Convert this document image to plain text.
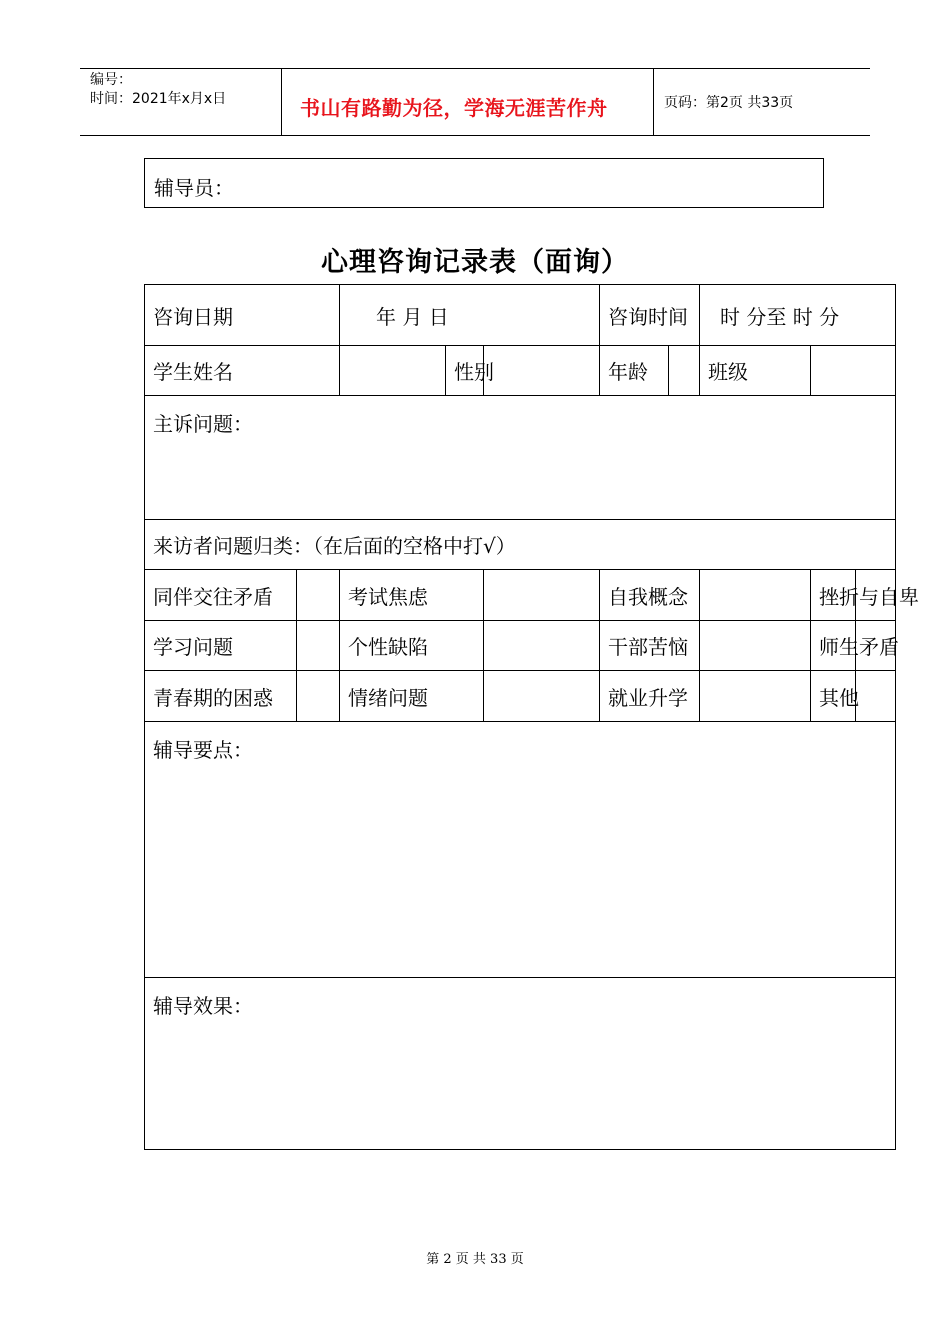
编号：
时间：2021年x月x日	书山有路勤为径，学海无涯苦作舟	页码：第2页 共33页
辅导员：
心理咨询记录表（面询）
咨询日期		年 月 日			咨询时间		时 分至 时 分		
学生姓名			性别		年龄		班级		
主诉问题：									
来访者问题归类：（在后面的空格中打√）									
同伴交往矛盾		考试焦虑			自我概念			挫折与自卑	
学习问题		个性缺陷			干部苦恼			师生矛盾	
青春期的困惑		情绪问题			就业升学			其他	
辅导要点：									
辅导效果：									
第 2 页 共 33 页
